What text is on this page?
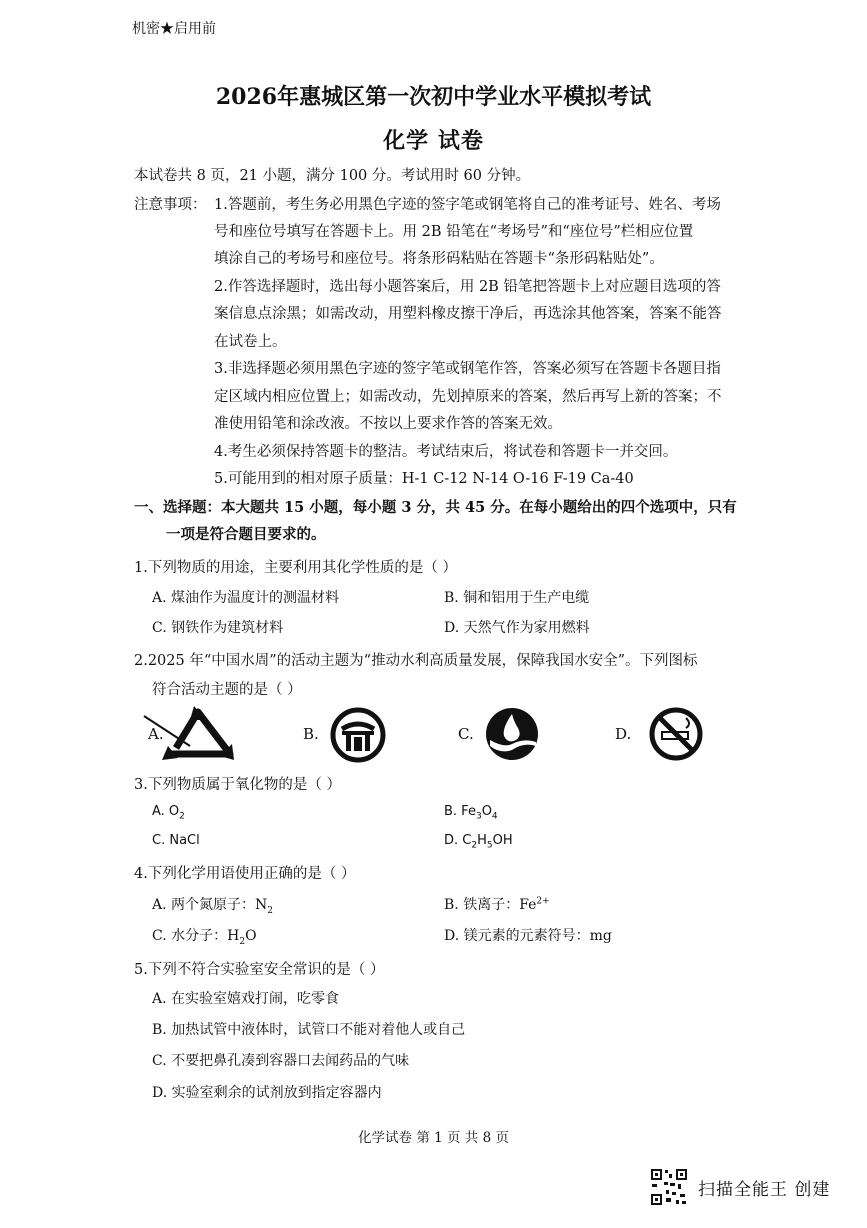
机密★启用前
2026年惠城区第一次初中学业水平模拟考试
化学 试卷
本试卷共 8 页，21 小题，满分 100 分。考试用时 60 分钟。
注意事项： 1.答题前，考生务必用黑色字迹的签字笔或钢笔将自己的准考证号、姓名、考场
号和座位号填写在答题卡上。用 2B 铅笔在“考场号”和“座位号”栏相应位置
填涂自己的考场号和座位号。将条形码粘贴在答题卡“条形码粘贴处”。
2.作答选择题时，选出每小题答案后，用 2B 铅笔把答题卡上对应题目选项的答
案信息点涂黑；如需改动，用塑料橡皮擦干净后，再选涂其他答案，答案不能答
在试卷上。
3.非选择题必须用黑色字迹的签字笔或钢笔作答，答案必须写在答题卡各题目指
定区域内相应位置上；如需改动，先划掉原来的答案，然后再写上新的答案；不
准使用铅笔和涂改液。不按以上要求作答的答案无效。
4.考生必须保持答题卡的整洁。考试结束后，将试卷和答题卡一并交回。
5.可能用到的相对原子质量：H-1 C-12 N-14 O-16 F-19 Ca-40
一、选择题：本大题共 15 小题，每小题 3 分，共 45 分。在每小题给出的四个选项中，只有
一项是符合题目要求的。
1.下列物质的用途，主要利用其化学性质的是（ ）
A. 煤油作为温度计的测温材料	B. 铜和铝用于生产电缆
C. 钢铁作为建筑材料	D. 天然气作为家用燃料
2.2025 年“中国水周”的活动主题为“推动水利高质量发展，保障我国水安全”。下列图标
符合活动主题的是（ ）
A.	B.	C.	D.
3.下列物质属于氧化物的是（ ）
A. $O_2$	B. $Fe_3O_4$
C. NaCl	D. $C_2H_5OH$
4.下列化学用语使用正确的是（ ）
A. 两个氮原子：$N_2$	B. 铁离子：$Fe^{2+}$
C. 水分子：$H_2O$	D. 镁元素的元素符号：mg
5.下列不符合实验室安全常识的是（ ）
A. 在实验室嬉戏打闹，吃零食
B. 加热试管中液体时，试管口不能对着他人或自己
C. 不要把鼻孔凑到容器口去闻药品的气味
D. 实验室剩余的试剂放到指定容器内
化学试卷 第 1 页 共 8 页
扫描全能王 创建
